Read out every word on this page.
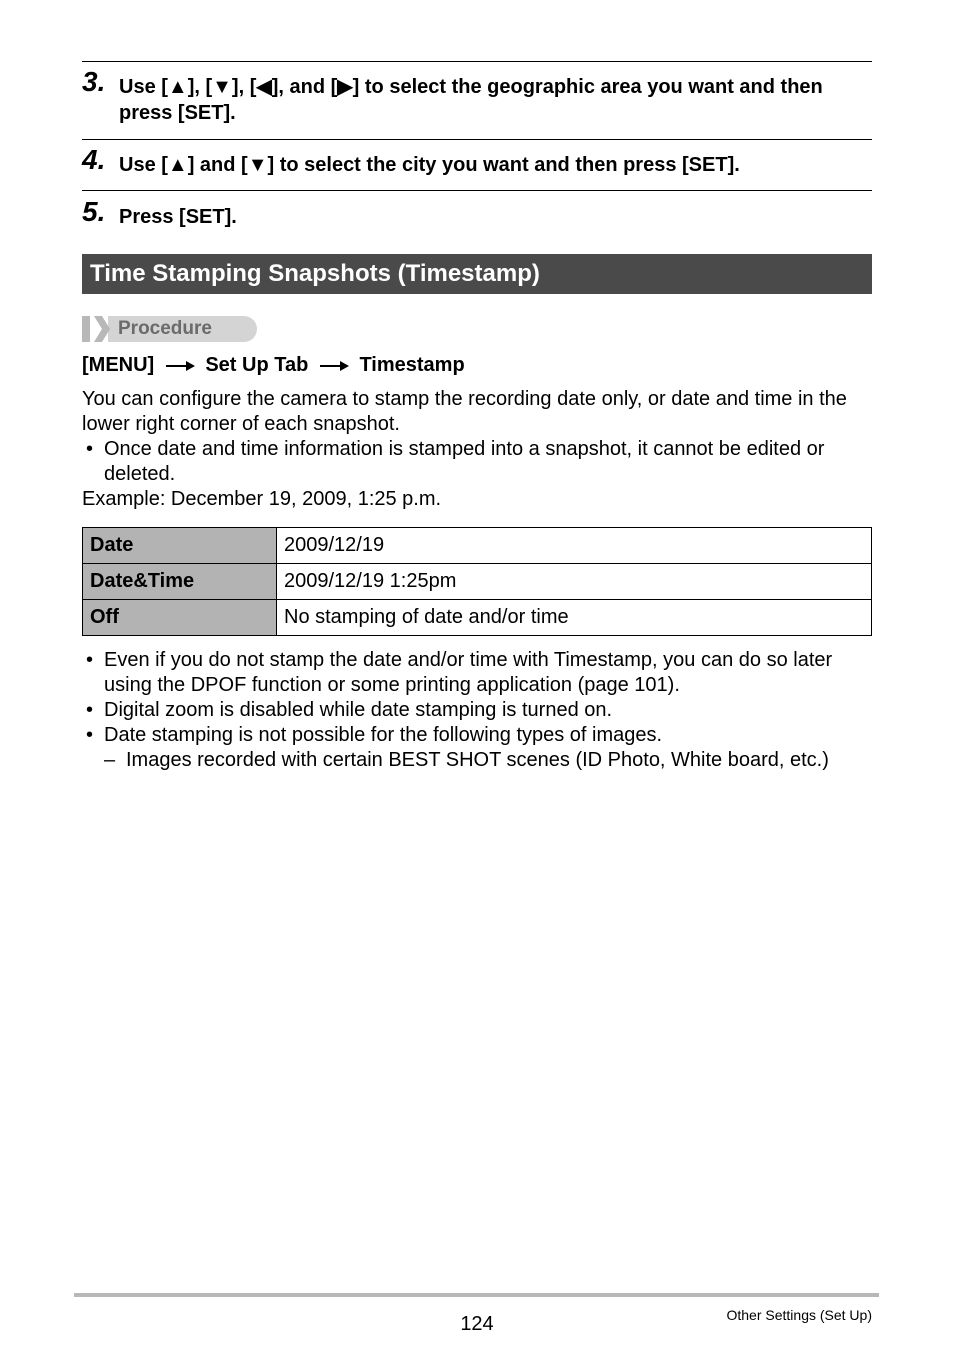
3. Use [▲], [▼], [◀], and [▶] to select the geographic area you want and then press [SET].
4. Use [▲] and [▼] to select the city you want and then press [SET].
5. Press [SET].
Time Stamping Snapshots (Timestamp)
Procedure
[MENU]	Set Up Tab	Timestamp
You can configure the camera to stamp the recording date only, or date and time in the lower right corner of each snapshot.
• Once date and time information is stamped into a snapshot, it cannot be edited or deleted.
Example: December 19, 2009, 1:25 p.m.
Date	2009/12/19
Date&Time	2009/12/19 1:25pm
Off	No stamping of date and/or time
• Even if you do not stamp the date and/or time with Timestamp, you can do so later using the DPOF function or some printing application (page 101).
• Digital zoom is disabled while date stamping is turned on.
• Date stamping is not possible for the following types of images.
– Images recorded with certain BEST SHOT scenes (ID Photo, White board, etc.)
124	Other Settings (Set Up)
